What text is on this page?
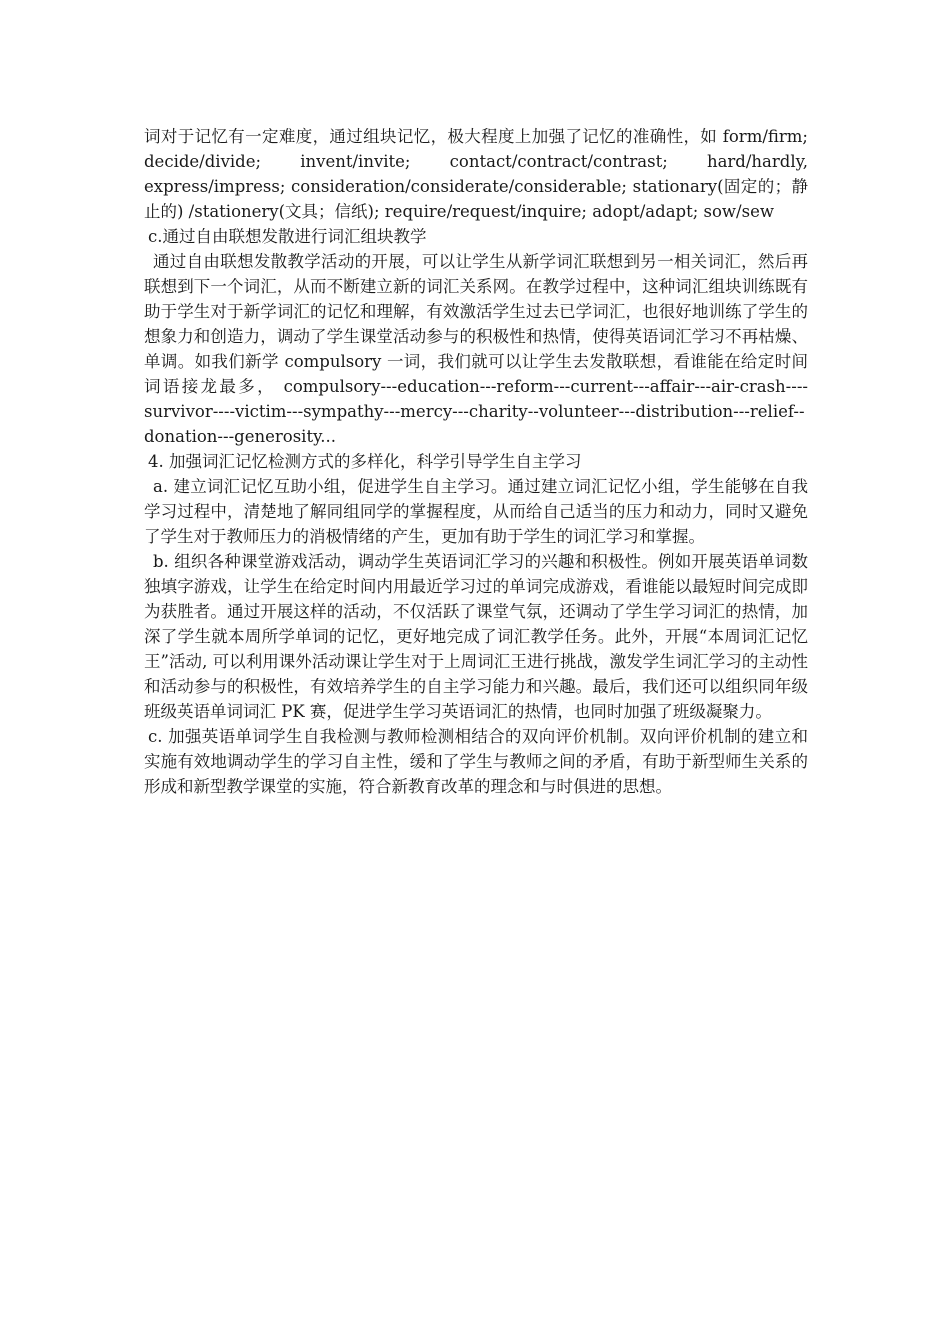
词对于记忆有一定难度，通过组块记忆，极大程度上加强了记忆的准确性，如 form/firm; decide/divide; invent/invite; contact/contract/contrast; hard/hardly, express/impress; consideration/considerate/considerable; stationary(固定的；静止的) /stationery(文具；信纸); require/request/inquire; adopt/adapt; sow/sew

c.通过自由联想发散进行词汇组块教学

通过自由联想发散教学活动的开展，可以让学生从新学词汇联想到另一相关词汇，然后再联想到下一个词汇，从而不断建立新的词汇关系网。在教学过程中，这种词汇组块训练既有助于学生对于新学词汇的记忆和理解，有效激活学生过去已学词汇，也很好地训练了学生的想象力和创造力，调动了学生课堂活动参与的积极性和热情，使得英语词汇学习不再枯燥、单调。如我们新学 compulsory 一词，我们就可以让学生去发散联想，看谁能在给定时间词语接龙最多， compulsory---education---reform---current---affair---air-crash----survivor----victim---sympathy---mercy---charity--volunteer---distribution---relief--donation---generosity...

4. 加强词汇记忆检测方式的多样化，科学引导学生自主学习

a. 建立词汇记忆互助小组，促进学生自主学习。通过建立词汇记忆小组，学生能够在自我学习过程中，清楚地了解同组同学的掌握程度，从而给自己适当的压力和动力，同时又避免了学生对于教师压力的消极情绪的产生，更加有助于学生的词汇学习和掌握。

b. 组织各种课堂游戏活动，调动学生英语词汇学习的兴趣和积极性。例如开展英语单词数独填字游戏，让学生在给定时间内用最近学习过的单词完成游戏，看谁能以最短时间完成即为获胜者。通过开展这样的活动，不仅活跃了课堂气氛，还调动了学生学习词汇的热情，加深了学生就本周所学单词的记忆，更好地完成了词汇教学任务。此外，开展“本周词汇记忆王”活动, 可以利用课外活动课让学生对于上周词汇王进行挑战，激发学生词汇学习的主动性和活动参与的积极性，有效培养学生的自主学习能力和兴趣。最后，我们还可以组织同年级班级英语单词词汇 PK 赛，促进学生学习英语词汇的热情，也同时加强了班级凝聚力。

c. 加强英语单词学生自我检测与教师检测相结合的双向评价机制。双向评价机制的建立和实施有效地调动学生的学习自主性，缓和了学生与教师之间的矛盾，有助于新型师生关系的形成和新型教学课堂的实施，符合新教育改革的理念和与时俱进的思想。
